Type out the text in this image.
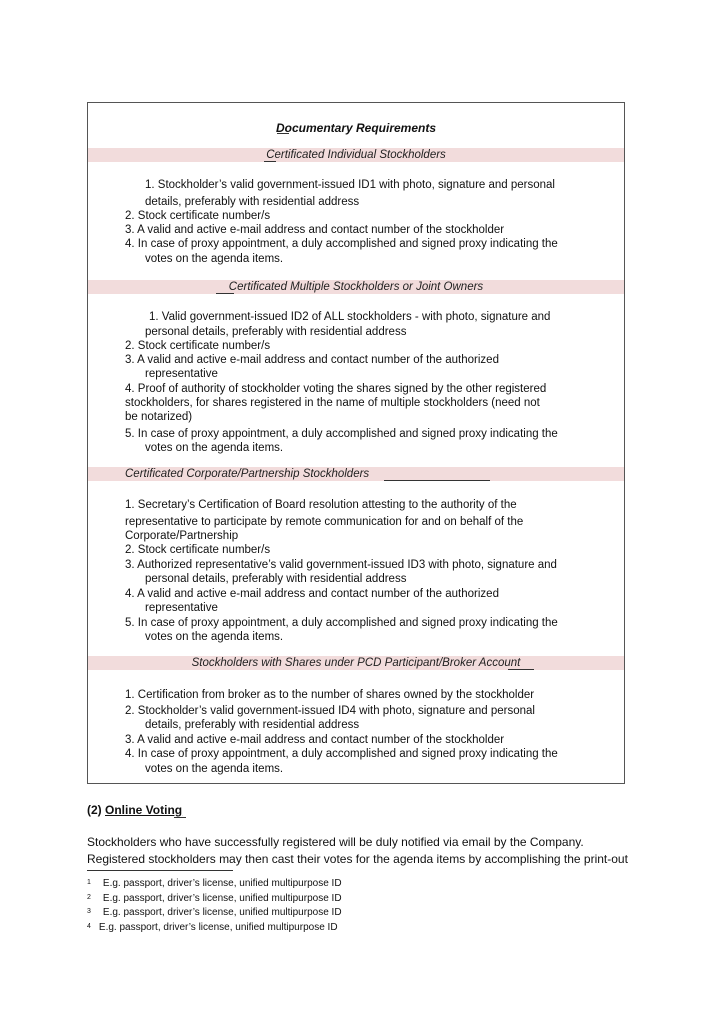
Documentary Requirements
Certificated Individual Stockholders
1. Stockholder’s valid government-issued ID1 with photo, signature and personal
details, preferably with residential address
2. Stock certificate number/s
3. A valid and active e-mail address and contact number of the stockholder
4. In case of proxy appointment, a duly accomplished and signed proxy indicating the
votes on the agenda items.
Certificated Multiple Stockholders or Joint Owners
1. Valid government-issued ID2 of ALL stockholders - with photo, signature and
personal details, preferably with residential address
2. Stock certificate number/s
3. A valid and active e-mail address and contact number of the authorized
representative
4. Proof of authority of stockholder voting the shares signed by the other registered
stockholders, for shares registered in the name of multiple stockholders (need not
be notarized)
5. In case of proxy appointment, a duly accomplished and signed proxy indicating the
votes on the agenda items.
Certificated Corporate/Partnership Stockholders
1. Secretary’s Certification of Board resolution attesting to the authority of the
representative to participate by remote communication for and on behalf of the
Corporate/Partnership
2. Stock certificate number/s
3. Authorized representative’s valid government-issued ID3 with photo, signature and
personal details, preferably with residential address
4. A valid and active e-mail address and contact number of the authorized
representative
5. In case of proxy appointment, a duly accomplished and signed proxy indicating the
votes on the agenda items.
Stockholders with Shares under PCD Participant/Broker Account
1. Certification from broker as to the number of shares owned by the stockholder
2. Stockholder’s valid government-issued ID4 with photo, signature and personal
details, preferably with residential address
3. A valid and active e-mail address and contact number of the stockholder
4. In case of proxy appointment, a duly accomplished and signed proxy indicating the
votes on the agenda items.
(2) Online Voting
Stockholders who have successfully registered will be duly notified via email by the Company.
Registered stockholders may then cast their votes for the agenda items by accomplishing the print-out
$^1$ E.g. passport, driver’s license, unified multipurpose ID
$^2$ E.g. passport, driver’s license, unified multipurpose ID
$^3$ E.g. passport, driver’s license, unified multipurpose ID
$^4$ E.g. passport, driver’s license, unified multipurpose ID
